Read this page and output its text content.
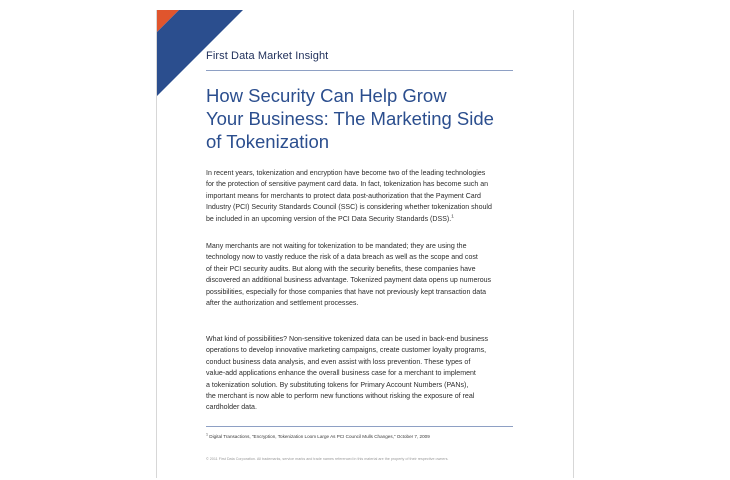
First Data Market Insight
How Security Can Help Grow
Your Business: The Marketing Side
of Tokenization
In recent years, tokenization and encryption have become two of the leading technologies
for the protection of sensitive payment card data. In fact, tokenization has become such an
important means for merchants to protect data post-authorization that the Payment Card
Industry (PCI) Security Standards Council (SSC) is considering whether tokenization should
be included in an upcoming version of the PCI Data Security Standards (DSS).$^1$
Many merchants are not waiting for tokenization to be mandated; they are using the
technology now to vastly reduce the risk of a data breach as well as the scope and cost
of their PCI security audits. But along with the security benefits, these companies have
discovered an additional business advantage. Tokenized payment data opens up numerous
possibilities, especially for those companies that have not previously kept transaction data
after the authorization and settlement processes.
What kind of possibilities? Non-sensitive tokenized data can be used in back-end business
operations to develop innovative marketing campaigns, create customer loyalty programs,
conduct business data analysis, and even assist with loss prevention. These types of
value-add applications enhance the overall business case for a merchant to implement
a tokenization solution. By substituting tokens for Primary Account Numbers (PANs),
the merchant is now able to perform new functions without risking the exposure of real
cardholder data.
$^1$ Digital Transactions, "Encryption, Tokenization Loom Large As PCI Council Mulls Changes," October 7, 2009
© 2011 First Data Corporation. All trademarks, service marks and trade names referenced in this material are the property of their respective owners.
